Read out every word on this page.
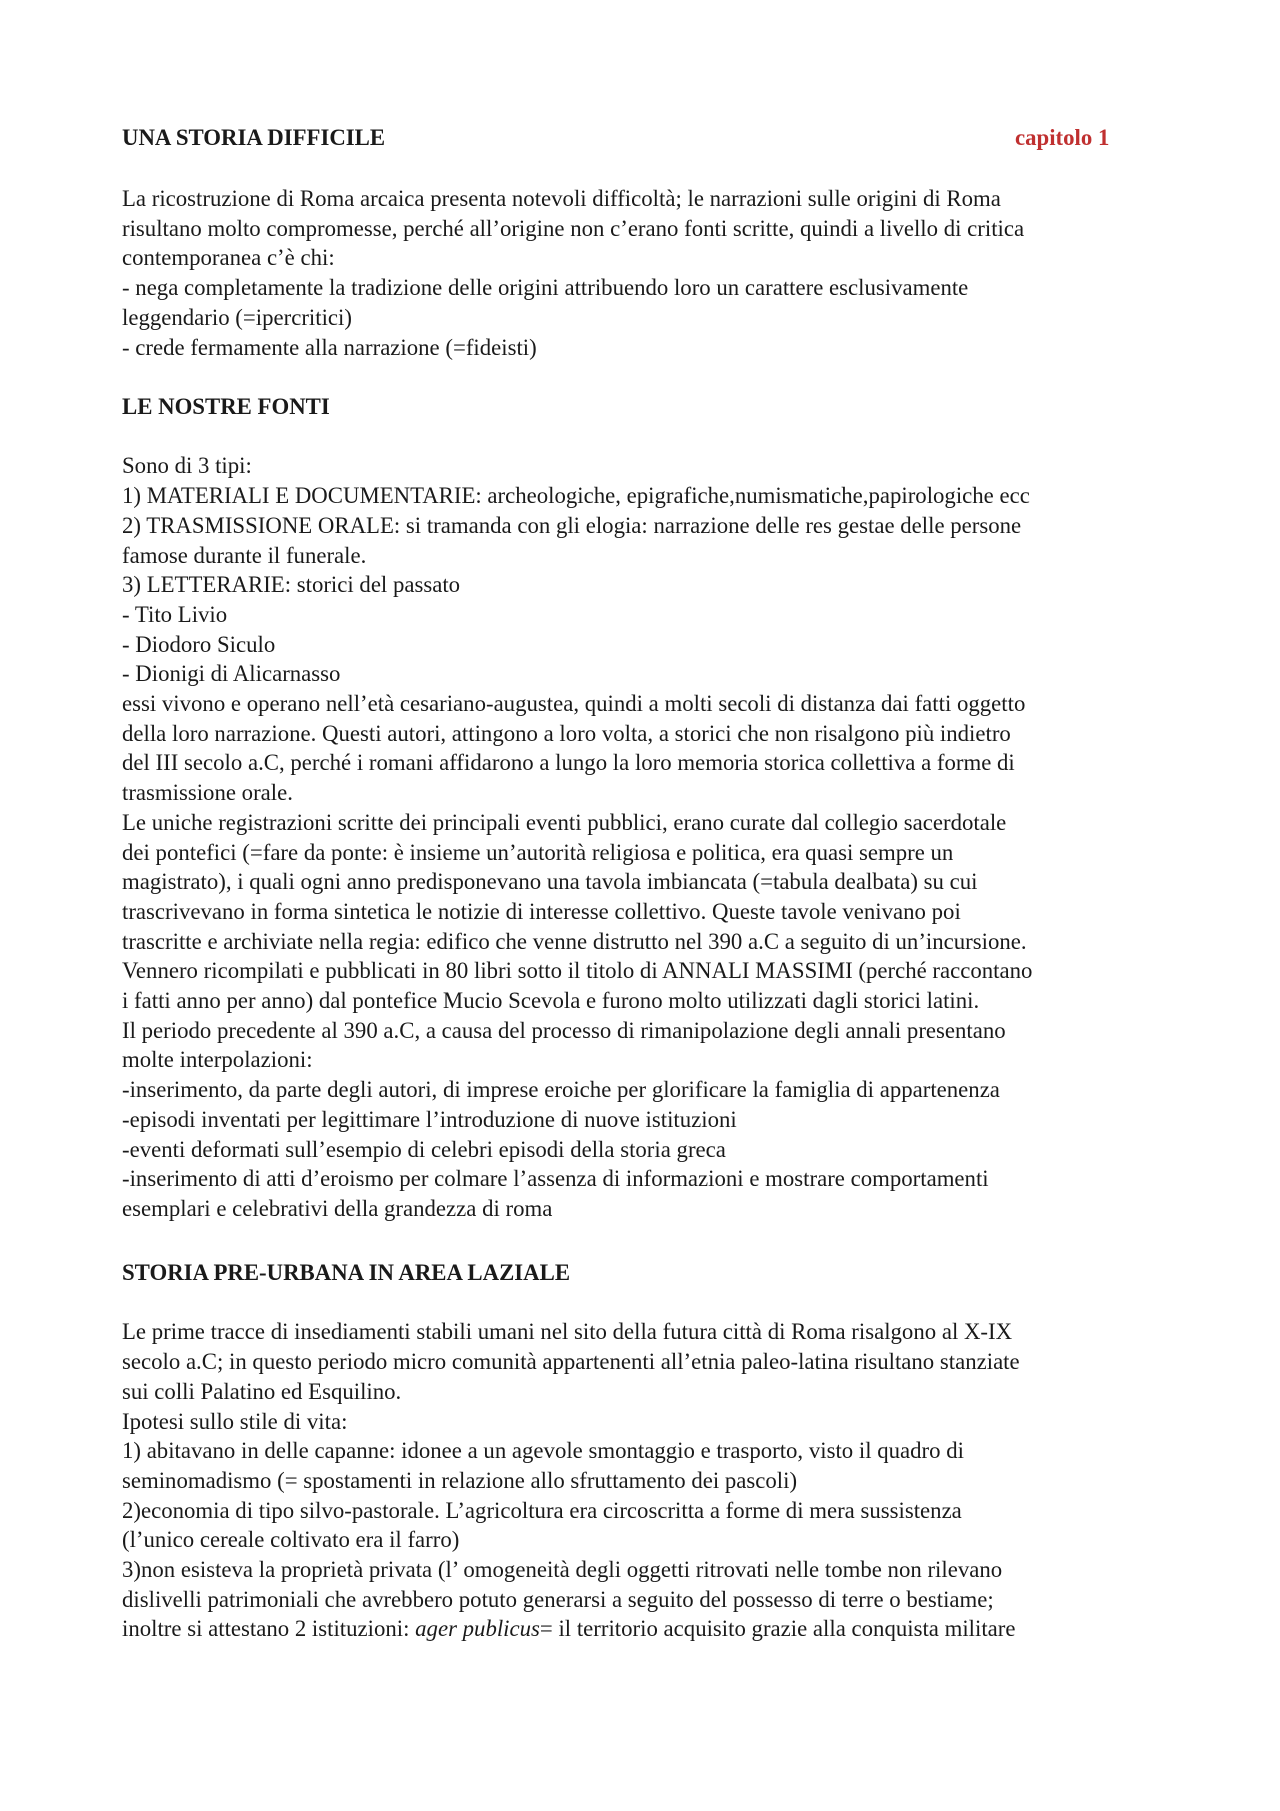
UNA STORIA DIFFICILE	capitolo 1

La ricostruzione di Roma arcaica presenta notevoli difficoltà; le narrazioni sulle origini di Roma

risultano molto compromesse, perché all’origine non c’erano fonti scritte, quindi a livello di critica

contemporanea c’è chi:

- nega completamente la tradizione delle origini attribuendo loro un carattere esclusivamente

leggendario (=ipercritici)

- crede fermamente alla narrazione (=fideisti)

LE NOSTRE FONTI

Sono di 3 tipi:

1) MATERIALI E DOCUMENTARIE: archeologiche, epigrafiche,numismatiche,papirologiche ecc

2) TRASMISSIONE ORALE: si tramanda con gli elogia: narrazione delle res gestae delle persone

famose durante il funerale.

3) LETTERARIE: storici del passato

- Tito Livio

- Diodoro Siculo

- Dionigi di Alicarnasso

essi vivono e operano nell’età cesariano-augustea, quindi a molti secoli di distanza dai fatti oggetto

della loro narrazione. Questi autori, attingono a loro volta, a storici che non risalgono più indietro

del III secolo a.C, perché i romani affidarono a lungo la loro memoria storica collettiva a forme di

trasmissione orale.

Le uniche registrazioni scritte dei principali eventi pubblici, erano curate dal collegio sacerdotale

dei pontefici (=fare da ponte: è insieme un’autorità religiosa e politica, era quasi sempre un

magistrato), i quali ogni anno predisponevano una tavola imbiancata (=tabula dealbata) su cui

trascrivevano in forma sintetica le notizie di interesse collettivo. Queste tavole venivano poi

trascritte e archiviate nella regia: edifico che venne distrutto nel 390 a.C a seguito di un’incursione.

Vennero ricompilati e pubblicati in 80 libri sotto il titolo di ANNALI MASSIMI (perché raccontano

i fatti anno per anno) dal pontefice Mucio Scevola e furono molto utilizzati dagli storici latini.

Il periodo precedente al 390 a.C, a causa del processo di rimanipolazione degli annali presentano

molte interpolazioni:

-inserimento, da parte degli autori, di imprese eroiche per glorificare la famiglia di appartenenza

-episodi inventati per legittimare l’introduzione di nuove istituzioni

-eventi deformati sull’esempio di celebri episodi della storia greca

-inserimento di atti d’eroismo per colmare l’assenza di informazioni e mostrare comportamenti

esemplari e celebrativi della grandezza di roma

STORIA PRE-URBANA IN AREA LAZIALE

Le prime tracce di insediamenti stabili umani nel sito della futura città di Roma risalgono al X-IX

secolo a.C; in questo periodo micro comunità appartenenti all’etnia paleo-latina risultano stanziate

sui colli Palatino ed Esquilino.

Ipotesi sullo stile di vita:

1) abitavano in delle capanne: idonee a un agevole smontaggio e trasporto, visto il quadro di

seminomadismo (= spostamenti in relazione allo sfruttamento dei pascoli)

2)economia di tipo silvo-pastorale. L’agricoltura era circoscritta a forme di mera sussistenza

(l’unico cereale coltivato era il farro)

3)non esisteva la proprietà privata (l’ omogeneità degli oggetti ritrovati nelle tombe non rilevano

dislivelli patrimoniali che avrebbero potuto generarsi a seguito del possesso di terre o bestiame;

inoltre si attestano 2 istituzioni: ager publicus= il territorio acquisito grazie alla conquista militare
